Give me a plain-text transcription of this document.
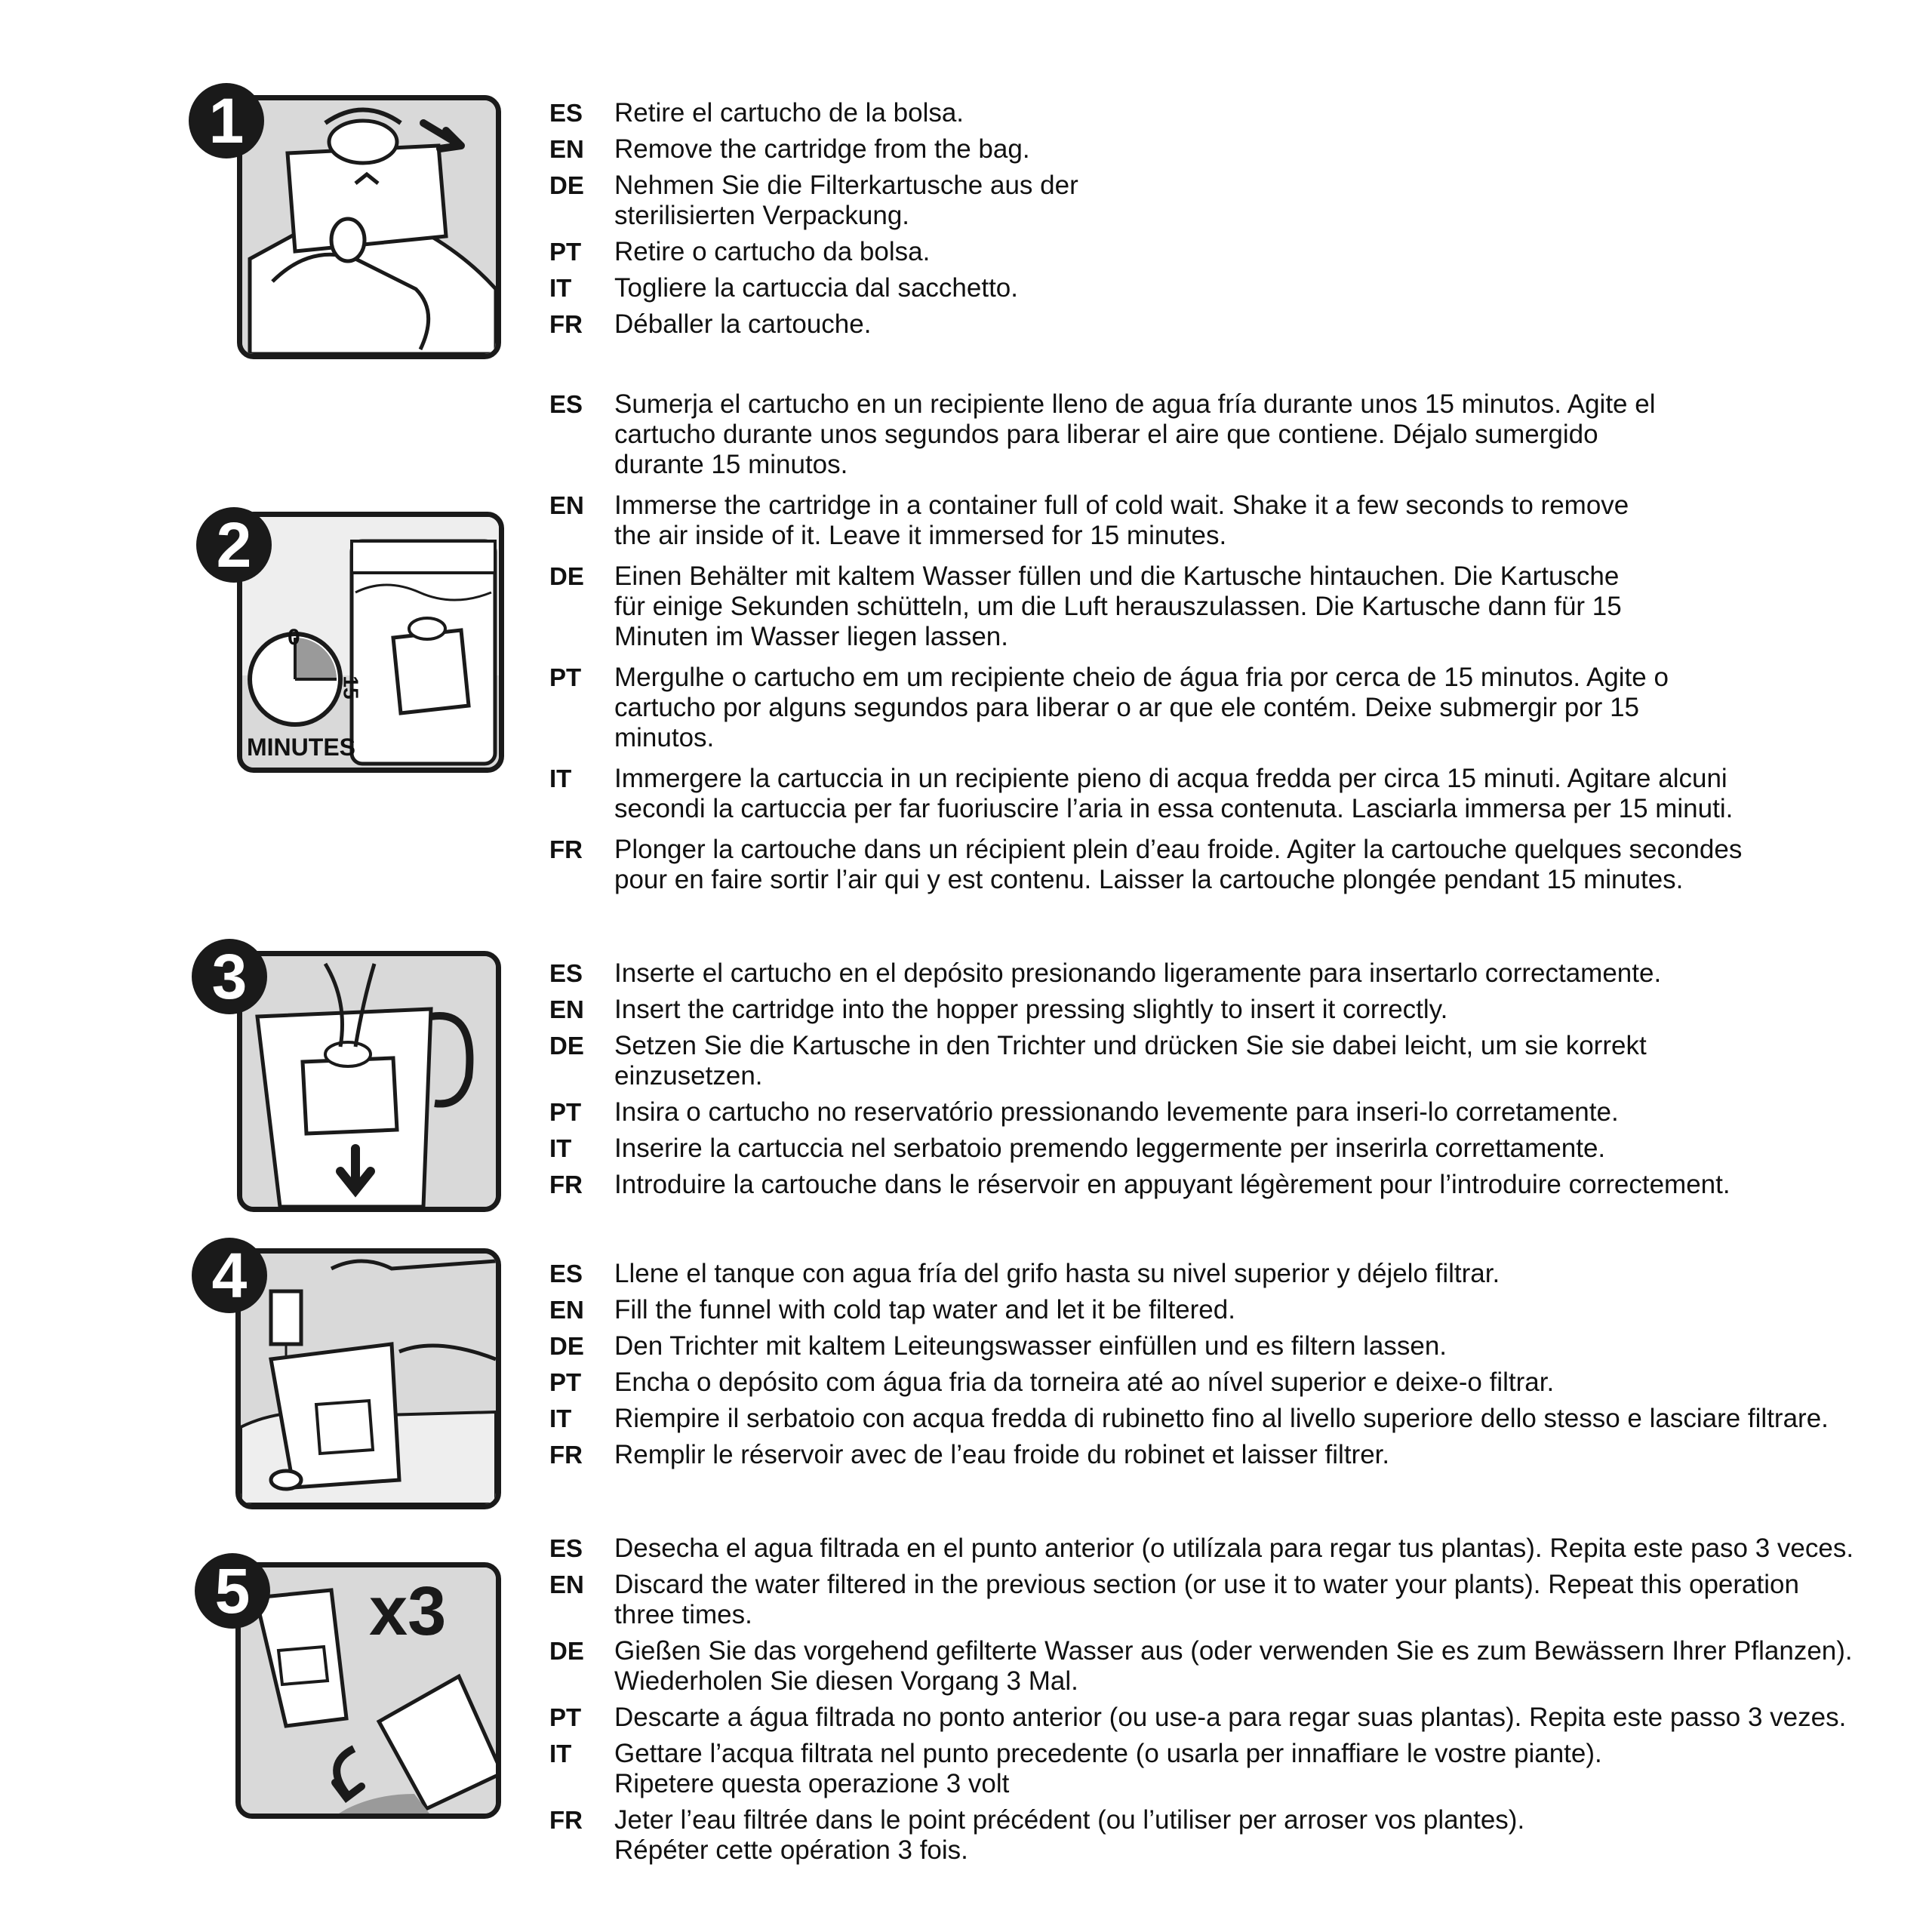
1	ES	Retire el cartucho de la bolsa.
EN	Remove the cartridge from the bag.
DE	Nehmen Sie die Filterkartusche aus der
sterilisierten Verpackung.
PT	Retire o cartucho da bolsa.
IT	Togliere la cartuccia dal sacchetto.
FR	Déballer la cartouche.
2
0
15
MINUTES
ES	Sumerja el cartucho en un recipiente lleno de agua fría durante unos 15 minutos. Agite el
cartucho durante unos segundos para liberar el aire que contiene. Déjalo sumergido
durante 15 minutos.
EN	Immerse the cartridge in a container full of cold wait. Shake it a few seconds to remove
the air inside of it. Leave it immersed for 15 minutes.
DE	Einen Behälter mit kaltem Wasser füllen und die Kartusche hintauchen. Die Kartusche
für einige Sekunden schütteln, um die Luft herauszulassen. Die Kartusche dann für 15
Minuten im Wasser liegen lassen.
PT	Mergulhe o cartucho em um recipiente cheio de água fria por cerca de 15 minutos. Agite o
cartucho por alguns segundos para liberar o ar que ele contém. Deixe submergir por 15
minutos.
IT	Immergere la cartuccia in un recipiente pieno di acqua fredda per circa 15 minuti. Agitare alcuni
secondi la cartuccia per far fuoriuscire l’aria in essa contenuta. Lasciarla immersa per 15 minuti.
FR	Plonger la cartouche dans un récipient plein d’eau froide. Agiter la cartouche quelques secondes
pour en faire sortir l’air qui y est contenu. Laisser la cartouche plongée pendant 15 minutes.
3	ES	Inserte el cartucho en el depósito presionando ligeramente para insertarlo correctamente.
EN	Insert the cartridge into the hopper pressing slightly to insert it correctly.
DE	Setzen Sie die Kartusche in den Trichter und drücken Sie sie dabei leicht, um sie korrekt
einzusetzen.
PT	Insira o cartucho no reservatório pressionando levemente para inseri-lo corretamente.
IT	Inserire la cartuccia nel serbatoio premendo leggermente per inserirla correttamente.
FR	Introduire la cartouche dans le réservoir en appuyant légèrement pour l’introduire correctement.
4	ES	Llene el tanque con agua fría del grifo hasta su nivel superior y déjelo filtrar.
EN	Fill the funnel with cold tap water and let it be filtered.
DE	Den Trichter mit kaltem Leiteungswasser einfüllen und es filtern lassen.
PT	Encha o depósito com água fria da torneira até ao nível superior e deixe-o filtrar.
IT	Riempire il serbatoio con acqua fredda di rubinetto fino al livello superiore dello stesso e lasciare filtrare.
FR	Remplir le réservoir avec de l’eau froide du robinet et laisser filtrer.
5 x3
ES	Desecha el agua filtrada en el punto anterior (o utilízala para regar tus plantas). Repita este paso 3 veces.
EN	Discard the water filtered in the previous section (or use it to water your plants). Repeat this operation
three times.
DE	Gießen Sie das vorgehend gefilterte Wasser aus (oder verwenden Sie es zum Bewässern Ihrer Pflanzen).
Wiederholen Sie diesen Vorgang 3 Mal.
PT	Descarte a água filtrada no ponto anterior (ou use-a para regar suas plantas). Repita este passo 3 vezes.
IT	Gettare l’acqua filtrata nel punto precedente (o usarla per innaffiare le vostre piante).
Ripetere questa operazione 3 volt
FR	Jeter l’eau filtrée dans le point précédent (ou l’utiliser per arroser vos plantes).
Répéter cette opération 3 fois.
